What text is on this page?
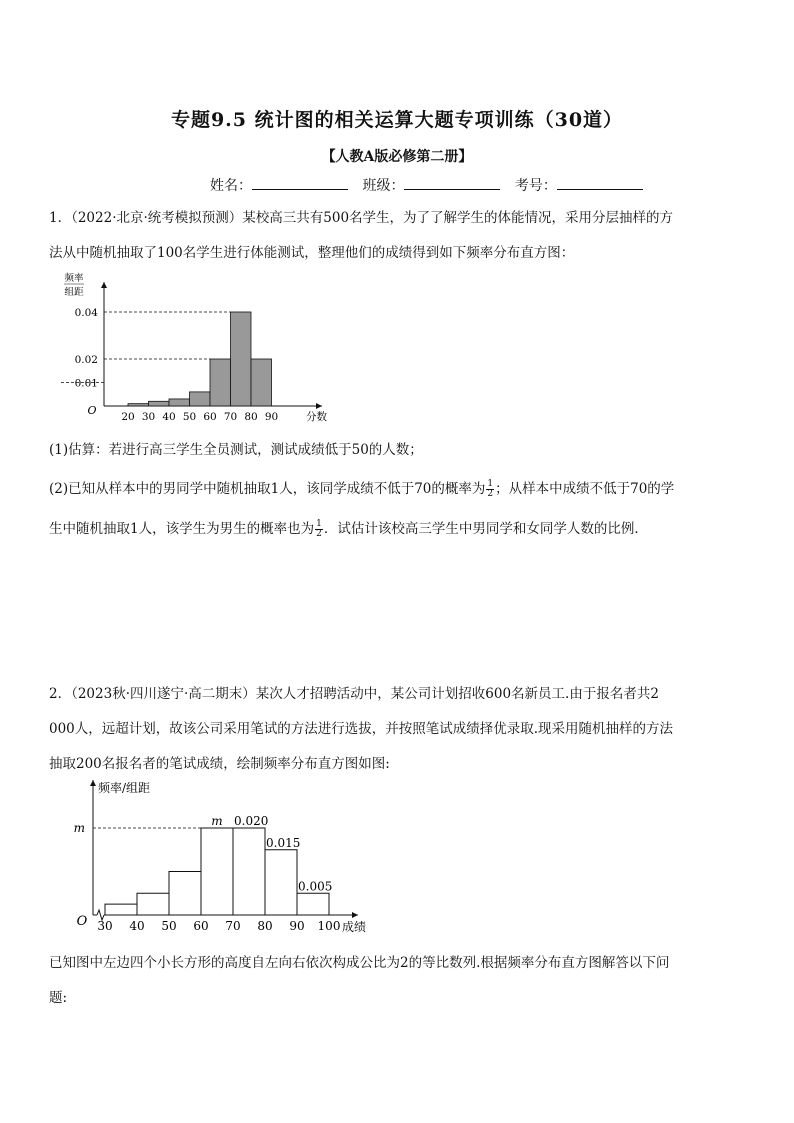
专题9.5 统计图的相关运算大题专项训练（30道）
【人教A版必修第二册】
姓名：	班级：	考号：
1．（2022·北京·统考模拟预测）某校高三共有500名学生，为了了解学生的体能情况，采用分层抽样的方
法从中随机抽取了100名学生进行体能测试，整理他们的成绩得到如下频率分布直方图：
0.04
0.02
0.01
20 30 40 50 60 70 80 90	分数
O
频率
组距
(1)估算：若进行高三学生全员测试，测试成绩低于50的人数；
(2)已知从样本中的男同学中随机抽取1人，该同学成绩不低于70的概率为 $\frac{1}{2}$ ；从样本中成绩不低于70的学
生中随机抽取1人，该学生为男生的概率也为 $\frac{1}{2}$ ．试估计该校高三学生中男同学和女同学人数的比例．
2．（2023秋·四川遂宁·高二期末）某次人才招聘活动中，某公司计划招收600名新员工.由于报名者共2
000人，远超计划，故该公司采用笔试的方法进行选拔，并按照笔试成绩择优录取.现采用随机抽样的方法
抽取200名报名者的笔试成绩，绘制频率分布直方图如图:
m 0.020
0.015
0.005
m
30 40 50 60 70 80 90 100 成绩
O
频率/组距
已知图中左边四个小长方形的高度自左向右依次构成公比为2的等比数列.根据频率分布直方图解答以下问
题:
